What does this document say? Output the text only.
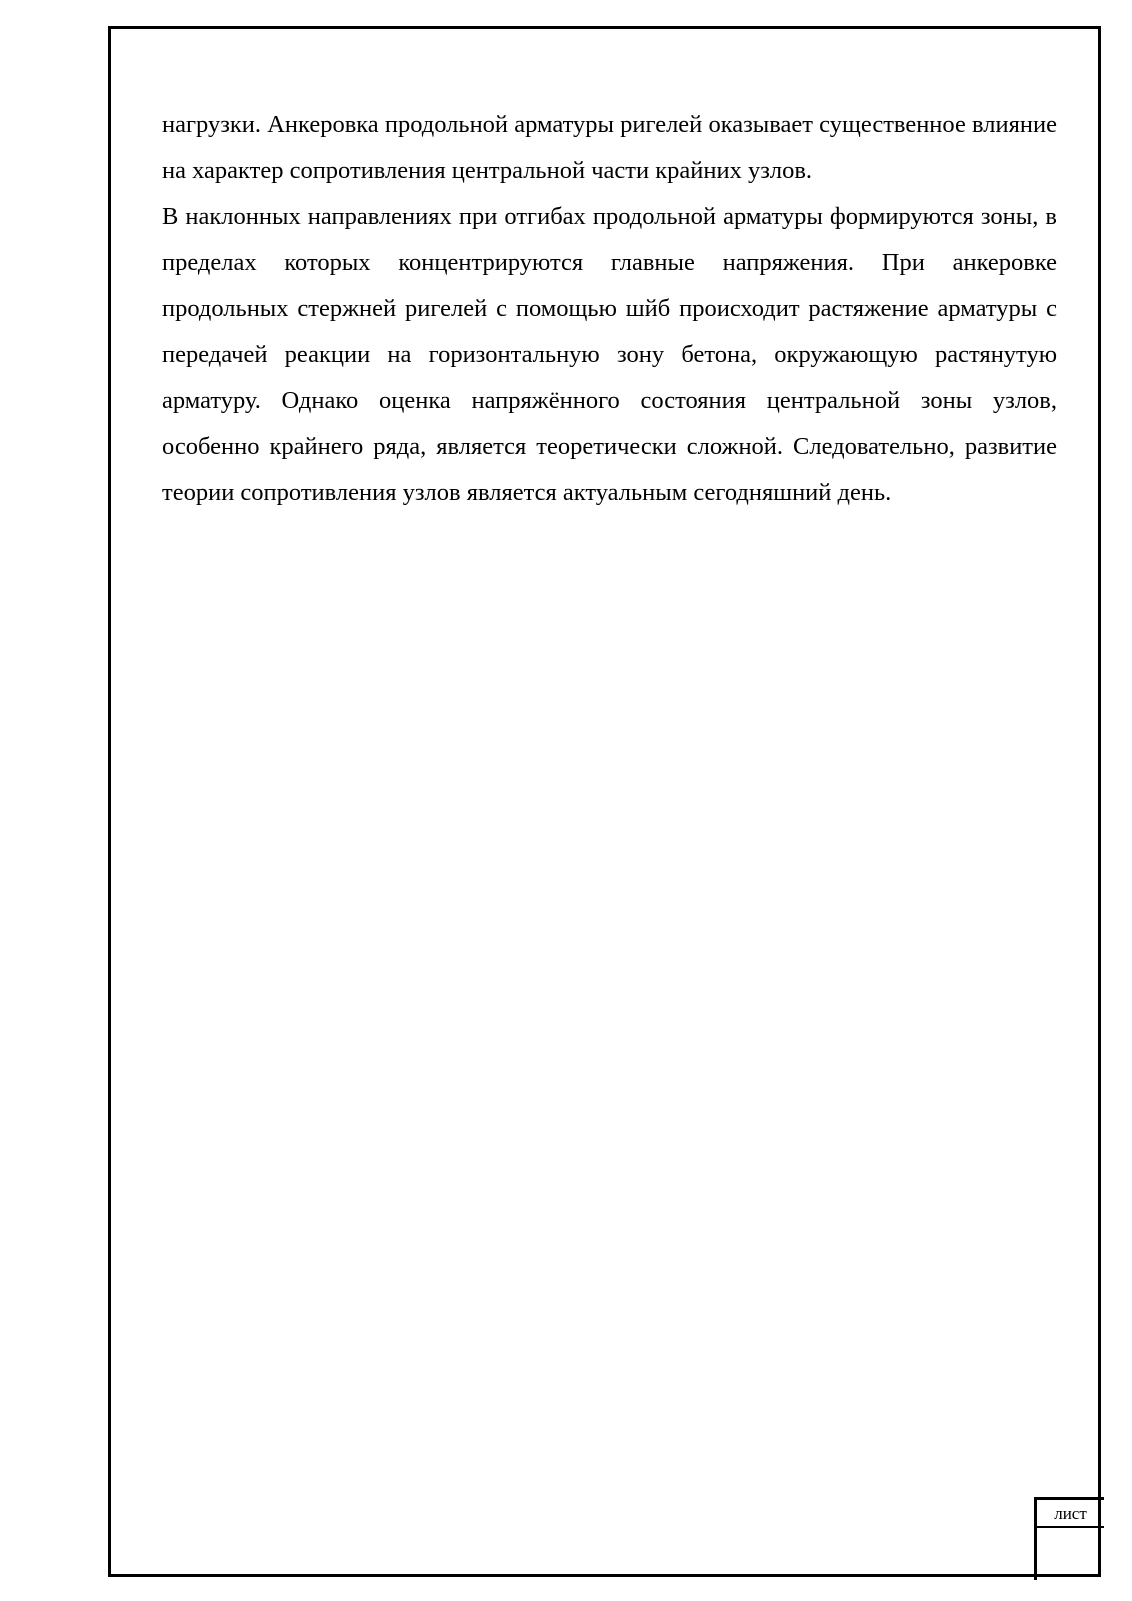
нагрузки. Анкеровка продольной арматуры ригелей оказывает существенное влияние на характер сопротивления центральной части крайних узлов.

В наклонных направлениях при отгибах продольной арматуры формируются зоны, в пределах которых концентрируются главные напряжения. При анкеровке продольных стержней ригелей с помощью шйб происходит растяжение арматуры с передачей реакции на горизонтальную зону бетона, окружающую растянутую арматуру. Однако оценка напряжённого состояния центральной зоны узлов, особенно крайнего ряда, является теоретически сложной. Следовательно, развитие теории сопротивления узлов является актуальным сегодняшний день.

лист
